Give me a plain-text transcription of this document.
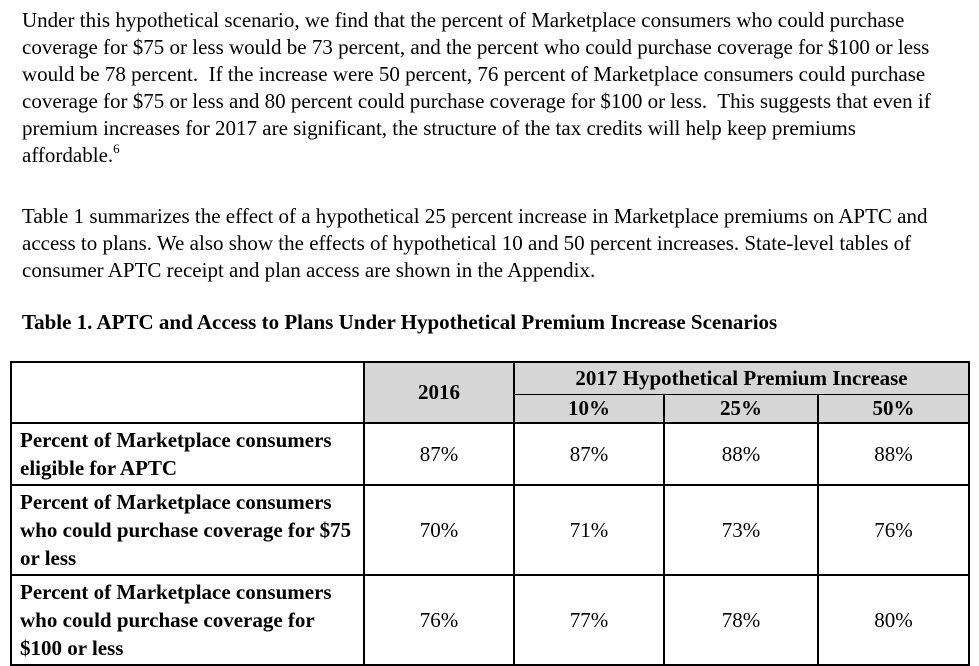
Under this hypothetical scenario, we find that the percent of Marketplace consumers who could purchase coverage for $75 or less would be 73 percent, and the percent who could purchase coverage for $100 or less would be 78 percent.  If the increase were 50 percent, 76 percent of Marketplace consumers could purchase coverage for $75 or less and 80 percent could purchase coverage for $100 or less.  This suggests that even if premium increases for 2017 are significant, the structure of the tax credits will help keep premiums affordable.$^6$

Table 1 summarizes the effect of a hypothetical 25 percent increase in Marketplace premiums on APTC and access to plans. We also show the effects of hypothetical 10 and 50 percent increases. State-level tables of consumer APTC receipt and plan access are shown in the Appendix.

Table 1. APTC and Access to Plans Under Hypothetical Premium Increase Scenarios

	2016	2017 Hypothetical Premium Increase		
		10%	25%	50%
Percent of Marketplace consumers eligible for APTC	87%	87%	88%	88%
Percent of Marketplace consumers who could purchase coverage for $75 or less	70%	71%	73%	76%
Percent of Marketplace consumers who could purchase coverage for $100 or less	76%	77%	78%	80%
